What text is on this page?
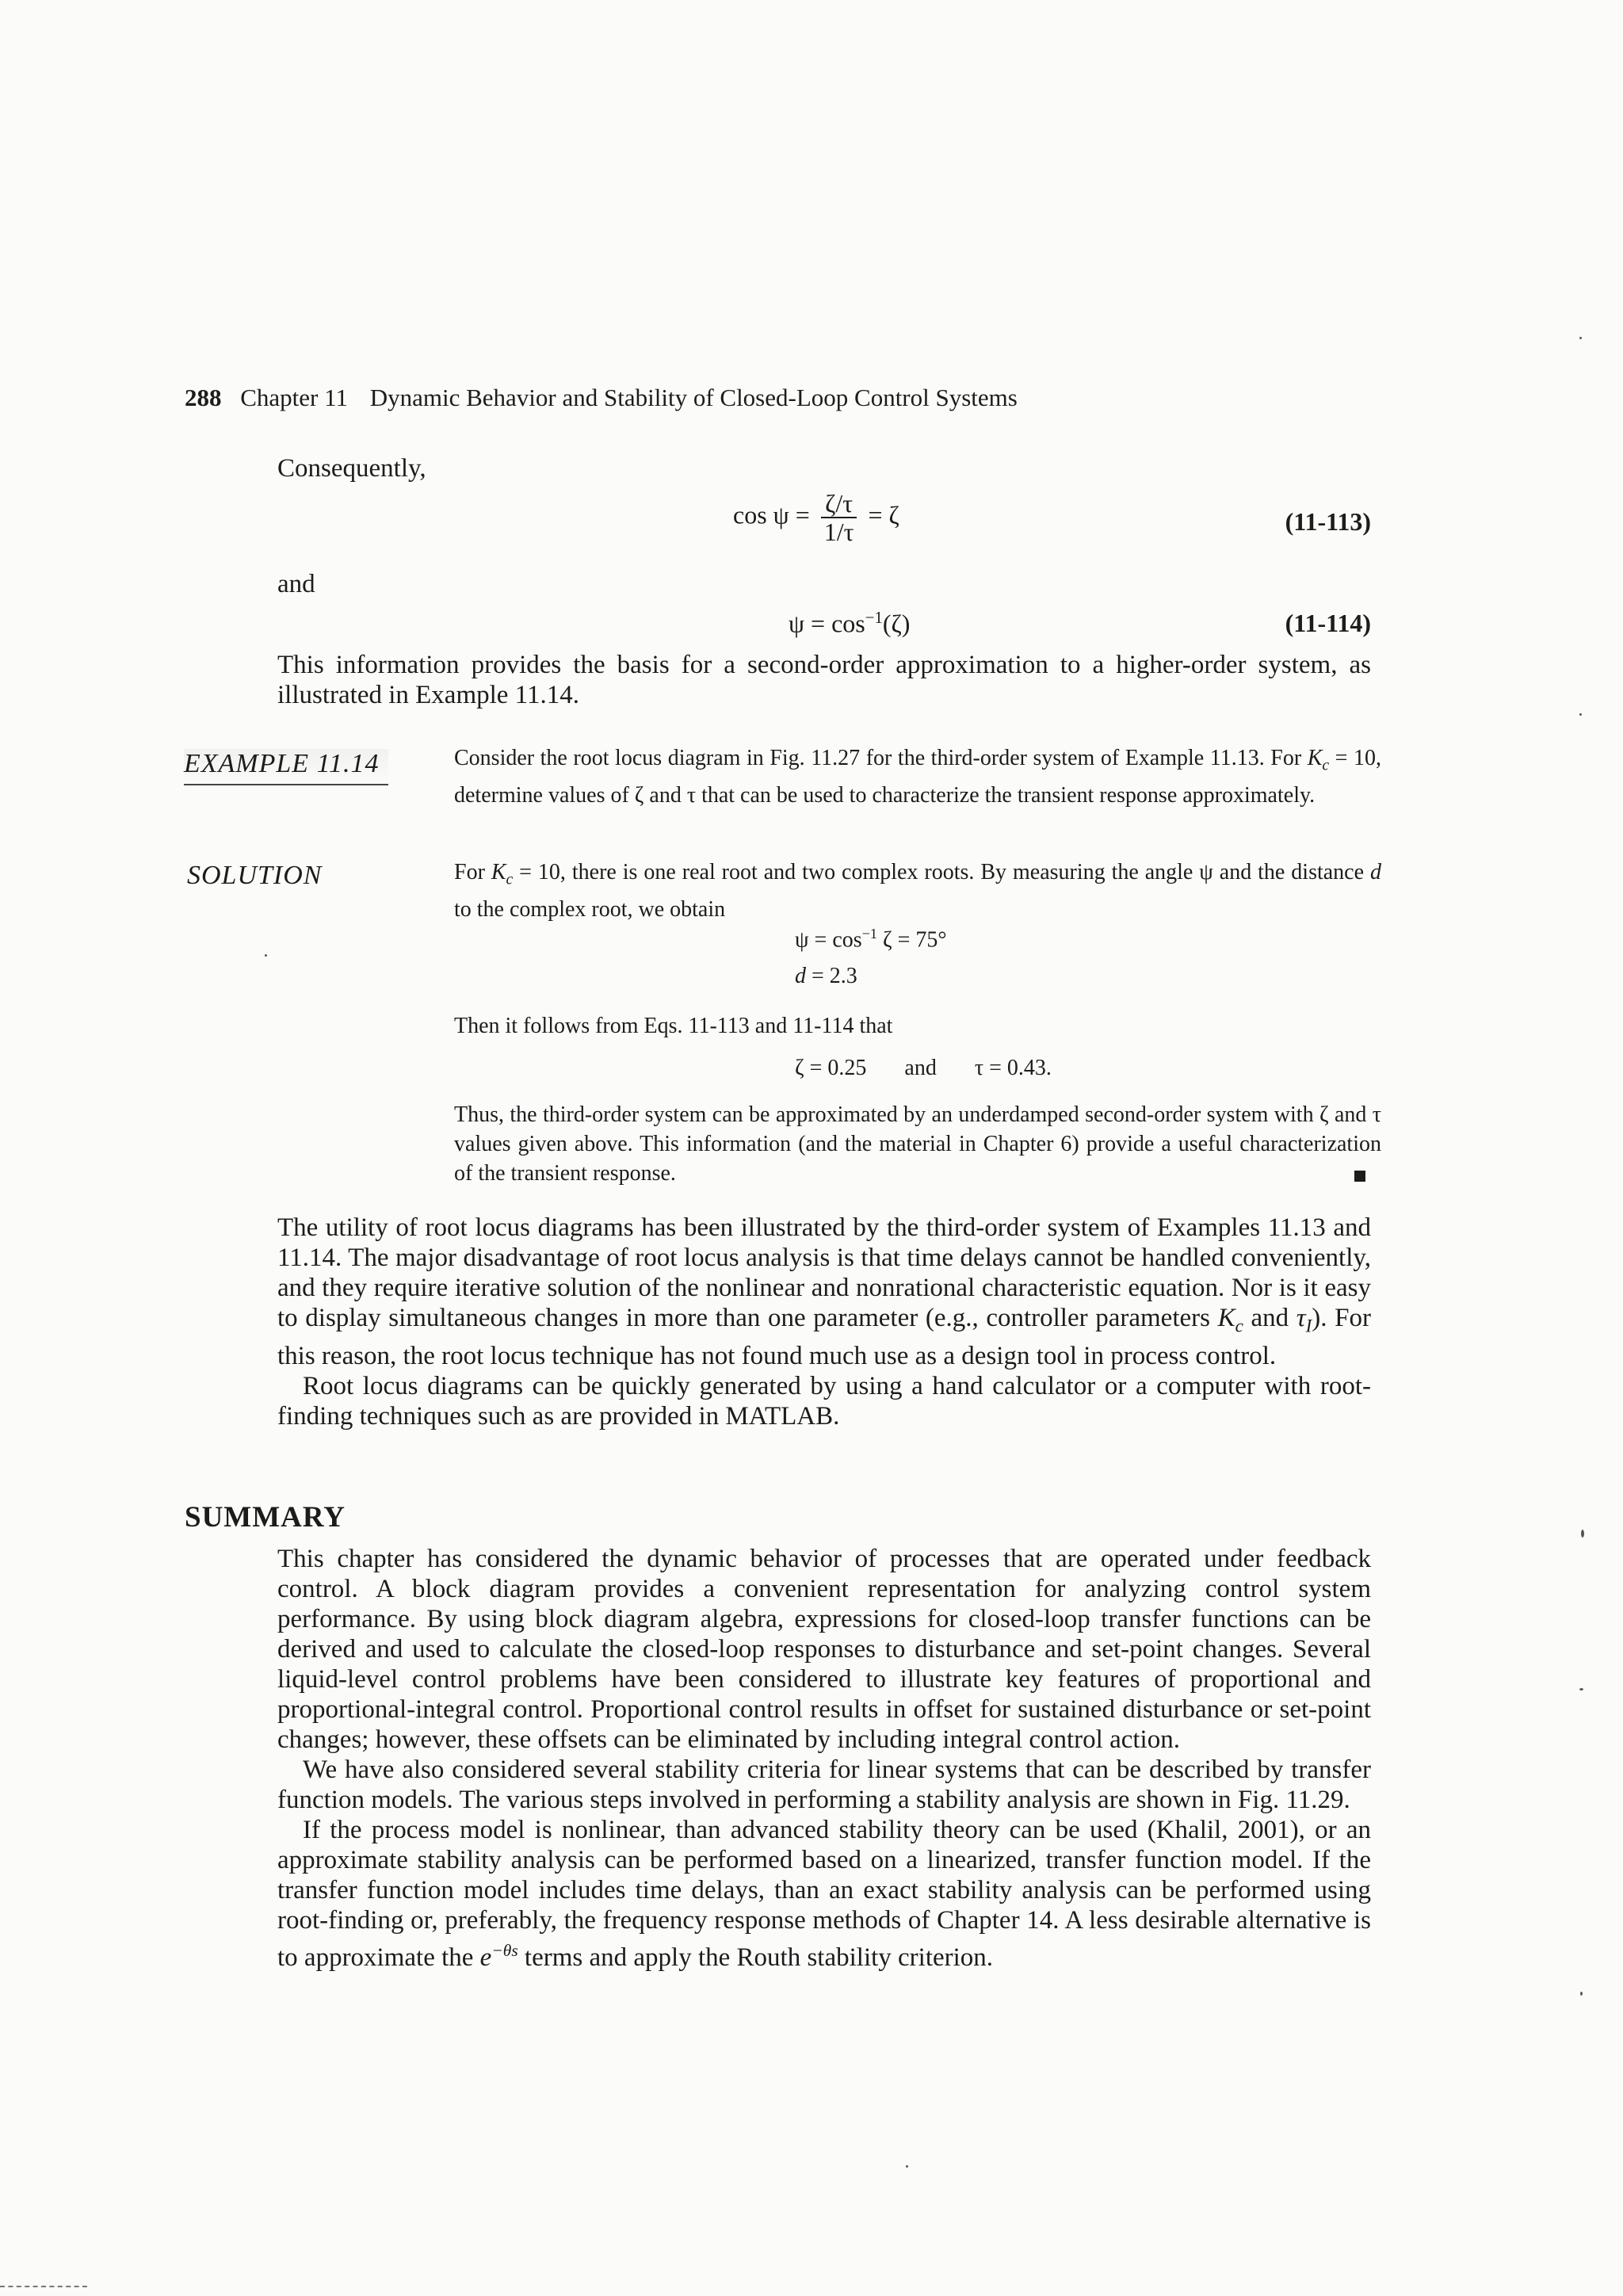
288 Chapter 11 Dynamic Behavior and Stability of Closed-Loop Control Systems
Consequently,
$\cos \psi = \frac{\zeta/\tau}{1/\tau} = \zeta$	(11-113)
and
$\psi = \cos^{-1}(\zeta)$	(11-114)

This information provides the basis for a second-order approximation to a higher-order system, as illustrated in Example 11.14.

EXAMPLE 11.14	Consider the root locus diagram in Fig. 11.27 for the third-order system of Example 11.13. For $K_c = 10$, determine values of ζ and τ that can be used to characterize the transient response approximately.
SOLUTION	For $K_c = 10$, there is one real root and two complex roots. By measuring the angle ψ and the distance d to the complex root, we obtain
$\psi = \cos^{-1} \zeta = 75^\circ$
d = 2.3
Then it follows from Eqs. 11-113 and 11-114 that
ζ = 0.25 and τ = 0.43.
Thus, the third-order system can be approximated by an underdamped second-order system with ζ and τ values given above. This information (and the material in Chapter 6) provide a useful characterization of the transient response.

The utility of root locus diagrams has been illustrated by the third-order system of Examples 11.13 and 11.14. The major disadvantage of root locus analysis is that time delays cannot be handled conveniently, and they require iterative solution of the nonlinear and nonrational characteristic equation. Nor is it easy to display simultaneous changes in more than one parameter (e.g., controller parameters $K_c$ and $\tau_I$). For this reason, the root locus technique has not found much use as a design tool in process control.

Root locus diagrams can be quickly generated by using a hand calculator or a computer with root-finding techniques such as are provided in MATLAB.

SUMMARY

This chapter has considered the dynamic behavior of processes that are operated under feedback control. A block diagram provides a convenient representation for analyzing control system performance. By using block diagram algebra, expressions for closed-loop transfer functions can be derived and used to calculate the closed-loop responses to disturbance and set-point changes. Several liquid-level control problems have been considered to illustrate key features of proportional and proportional-integral control. Proportional control results in offset for sustained disturbance or set-point changes; however, these offsets can be eliminated by including integral control action.

We have also considered several stability criteria for linear systems that can be described by transfer function models. The various steps involved in performing a stability analysis are shown in Fig. 11.29.

If the process model is nonlinear, than advanced stability theory can be used (Khalil, 2001), or an approximate stability analysis can be performed based on a linearized, transfer function model. If the transfer function model includes time delays, than an exact stability analysis can be performed using root-finding or, preferably, the frequency response methods of Chapter 14. A less desirable alternative is to approximate the $e^{-\theta s}$ terms and apply the Routh stability criterion.
